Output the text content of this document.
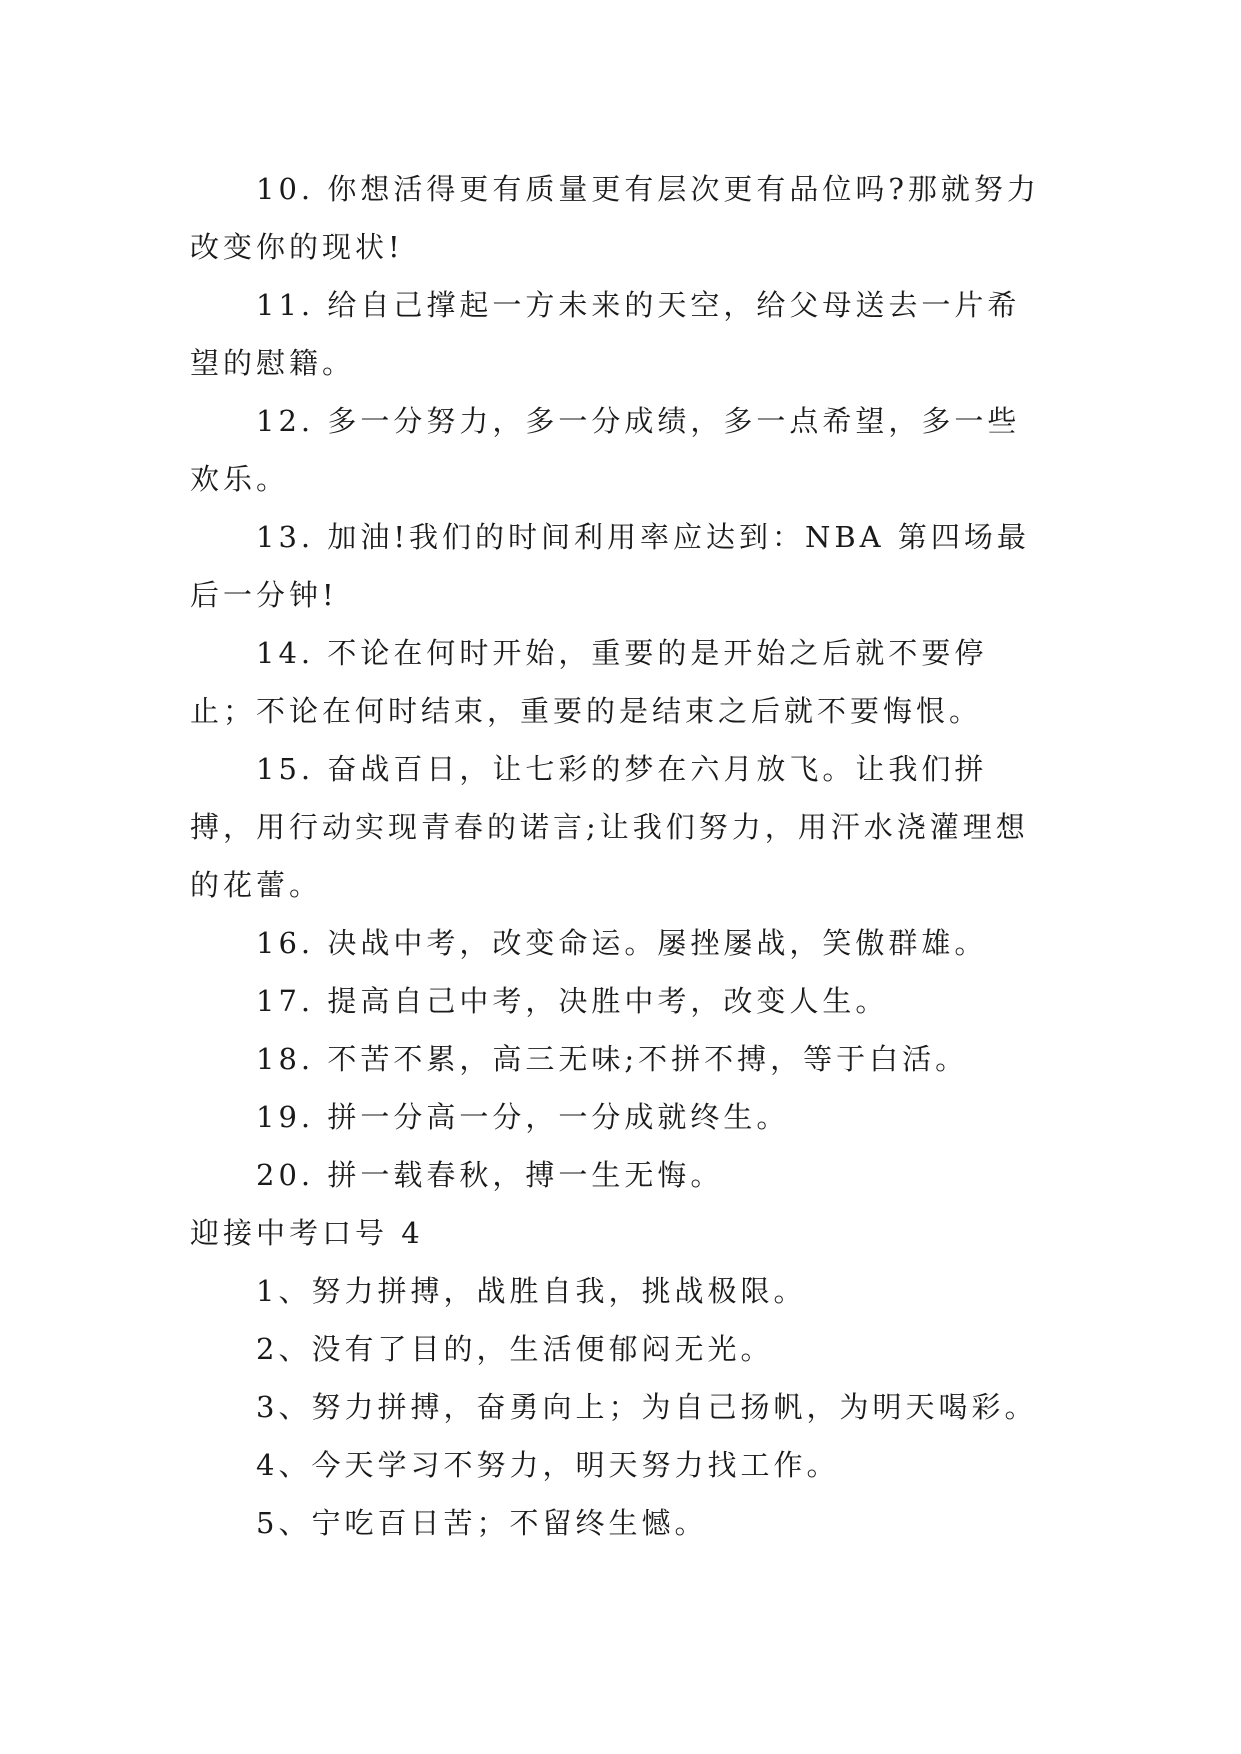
10. 你想活得更有质量更有层次更有品位吗?那就努力改变你的现状!

11. 给自己撑起一方未来的天空，给父母送去一片希望的慰籍。

12. 多一分努力，多一分成绩，多一点希望，多一些欢乐。

13. 加油!我们的时间利用率应达到：NBA 第四场最后一分钟!

14. 不论在何时开始，重要的是开始之后就不要停止；不论在何时结束，重要的是结束之后就不要悔恨。

15. 奋战百日，让七彩的梦在六月放飞。让我们拼搏，用行动实现青春的诺言;让我们努力，用汗水浇灌理想的花蕾。

16. 决战中考，改变命运。屡挫屡战，笑傲群雄。

17. 提高自己中考，决胜中考，改变人生。

18. 不苦不累，高三无味;不拼不搏，等于白活。

19. 拼一分高一分，一分成就终生。

20. 拼一载春秋，搏一生无悔。

迎接中考口号 4

1、努力拼搏，战胜自我，挑战极限。

2、没有了目的，生活便郁闷无光。

3、努力拼搏，奋勇向上；为自己扬帆，为明天喝彩。

4、今天学习不努力，明天努力找工作。

5、宁吃百日苦；不留终生憾。
